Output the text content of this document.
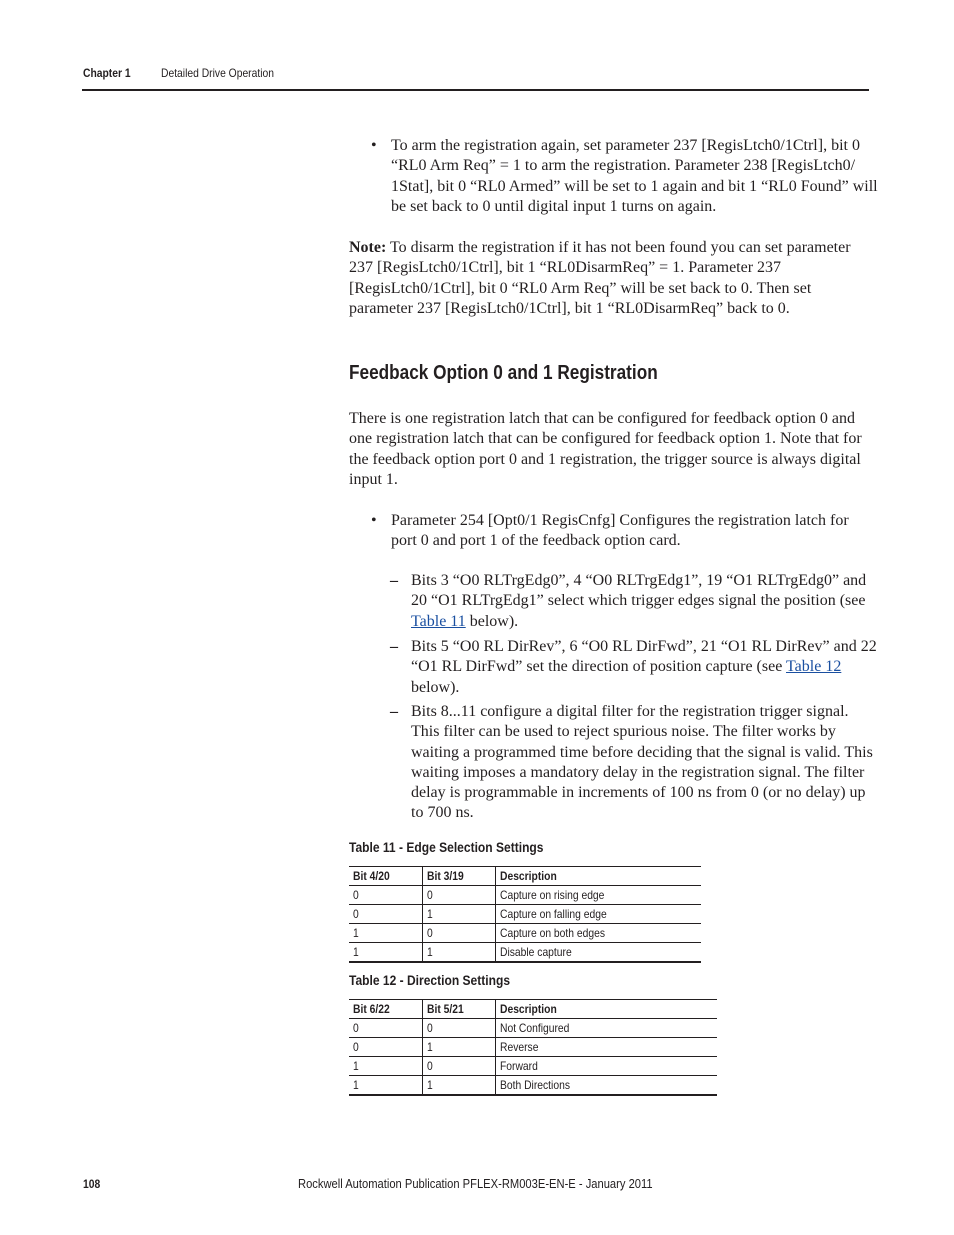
Chapter 1	Detailed Drive Operation
• To arm the registration again, set parameter 237 [RegisLtch0/1Ctrl], bit 0
“RL0 Arm Req” = 1 to arm the registration. Parameter 238 [RegisLtch0/
1Stat], bit 0 “RL0 Armed” will be set to 1 again and bit 1 “RL0 Found” will
be set back to 0 until digital input 1 turns on again.
Note: To disarm the registration if it has not been found you can set parameter
237 [RegisLtch0/1Ctrl], bit 1 “RL0DisarmReq” = 1. Parameter 237
[RegisLtch0/1Ctrl], bit 0 “RL0 Arm Req” will be set back to 0. Then set
parameter 237 [RegisLtch0/1Ctrl], bit 1 “RL0DisarmReq” back to 0.
Feedback Option 0 and 1 Registration
There is one registration latch that can be configured for feedback option 0 and
one registration latch that can be configured for feedback option 1. Note that for
the feedback option port 0 and 1 registration, the trigger source is always digital
input 1.
• Parameter 254 [Opt0/1 RegisCnfg] Configures the registration latch for
port 0 and port 1 of the feedback option card.
– Bits 3 “O0 RLTrgEdg0”, 4 “O0 RLTrgEdg1”, 19 “O1 RLTrgEdg0” and
20 “O1 RLTrgEdg1” select which trigger edges signal the position (see
Table 11 below).
– Bits 5 “O0 RL DirRev”, 6 “O0 RL DirFwd”, 21 “O1 RL DirRev” and 22
“O1 RL DirFwd” set the direction of position capture (see Table 12
below).
– Bits 8...11 configure a digital filter for the registration trigger signal.
This filter can be used to reject spurious noise. The filter works by
waiting a programmed time before deciding that the signal is valid. This
waiting imposes a mandatory delay in the registration signal. The filter
delay is programmable in increments of 100 ns from 0 (or no delay) up
to 700 ns.
Table 11 - Edge Selection Settings
Bit 4/20	Bit 3/19	Description
0	0	Capture on rising edge
0	1	Capture on falling edge
1	0	Capture on both edges
1	1	Disable capture
Table 12 - Direction Settings
Bit 6/22	Bit 5/21	Description
0	0	Not Configured
0	1	Reverse
1	0	Forward
1	1	Both Directions
108	Rockwell Automation Publication PFLEX-RM003E-EN-E - January 2011
